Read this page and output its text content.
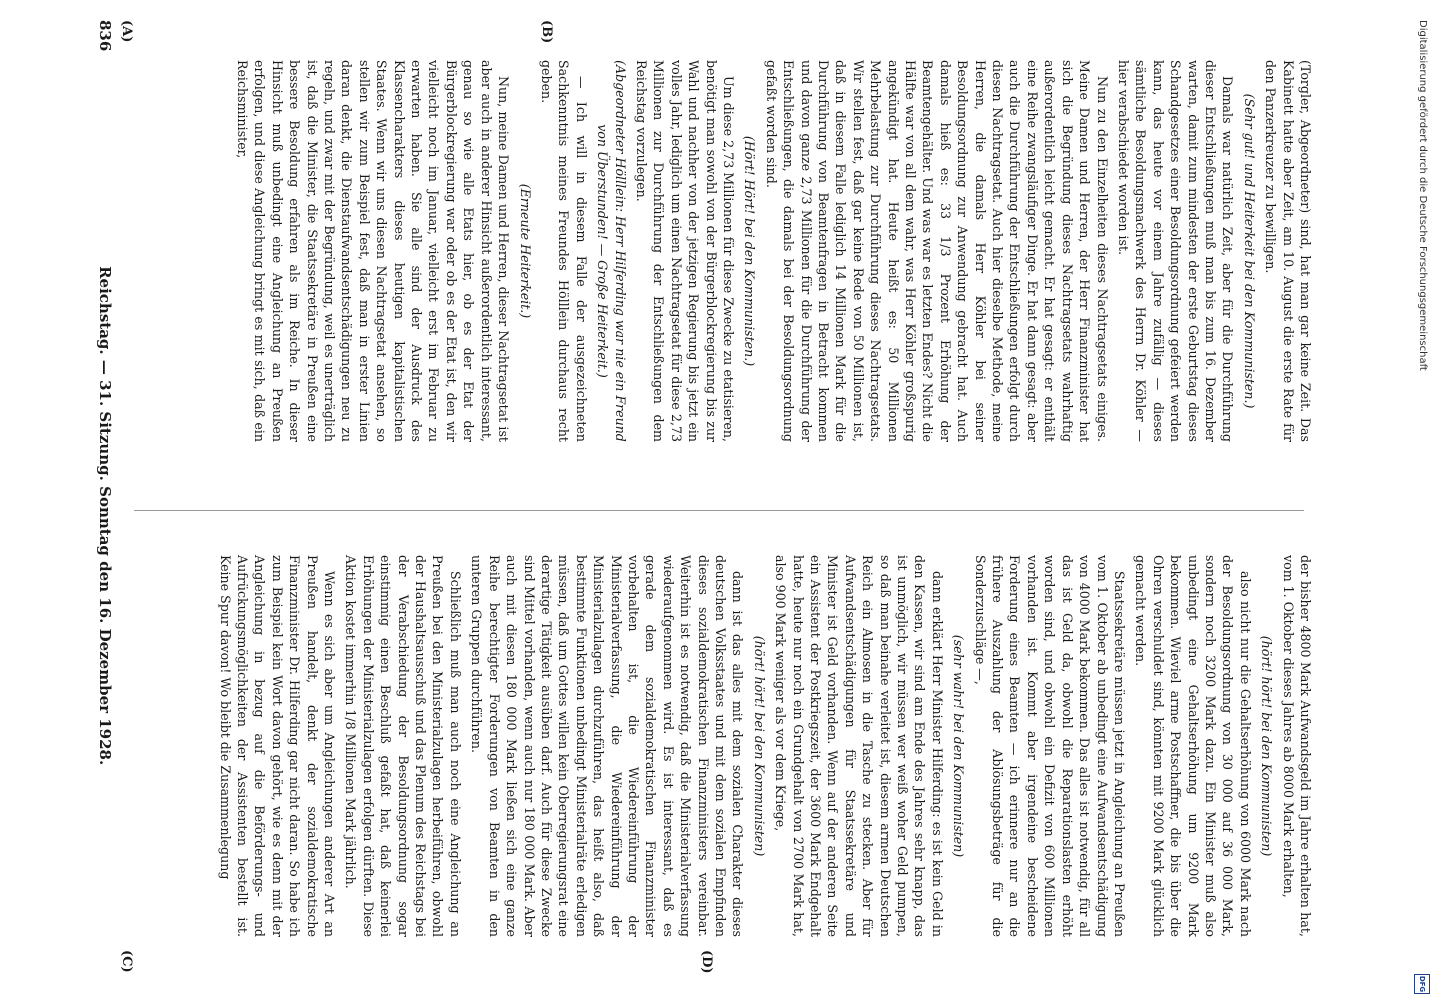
836
Reichstag. — 31. Sitzung. Sonntag den 16. Dezember 1928.
(A)	(B)
(C)	(D)

(Torgler, Abgeordneter) sind, hat man gar keine Zeit. Das Kabinett hatte aber Zeit, am 10. August die erste Rate für den Panzerkreuzer zu bewilligen.

(Sehr gut! und Heiterkeit bei den Kommunisten.)

Damals war natürlich Zeit, aber für die Durchführung dieser Entschließungen muß man bis zum 16. Dezember warten, damit zum mindesten der erste Geburtstag dieses Schandgesetzes einer Besoldungsordnung gefeiert werden kann, das heute vor einem Jahre zufällig — dieses sämtliche Besoldungsmachwerk des Herrn Dr. Köhler — hier verabschiedet worden ist.

Nun zu den Einzelheiten dieses Nachtragsetats einiges. Meine Damen und Herren, der Herr Finanzminister hat sich die Begründung dieses Nachtragsetats wahrhaftig außerordentlich leicht gemacht. Er hat gesagt: er enthält eine Reihe zwangsläufiger Dinge. Er hat dann gesagt: aber auch die Durchführung der Entschließungen erfolgt durch diesen Nachtragsetat. Auch hier dieselbe Methode, meine Herren, die damals Herr Köhler bei seiner Besoldungsordnung zur Anwendung gebracht hat. Auch damals hieß es: 33 1/3 Prozent Erhöhung der Beamtengehälter. Und was war es letzten Endes? Nicht die Hälfte war von all dem wahr, was Herr Köhler großspurig angekündigt hat. Heute heißt es: 50 Millionen Mehrbelastung zur Durchführung dieses Nachtragsetats. Wir stellen fest, daß gar keine Rede von 50 Millionen ist, daß in diesem Falle lediglich 14 Millionen Mark für die Durchführung von Beamtenfragen in Betracht kommen und davon ganze 2,73 Millionen für die Durchführung der Entschließungen, die damals bei der Besoldungsordnung gefaßt worden sind.

(Hört! Hört! bei den Kommunisten.)

Um diese 2,73 Millionen für diese Zwecke zu etatisieren, benötigt man sowohl von der Bürgerblockregierung bis zur Wahl und nachher von der jetzigen Regierung bis jetzt ein volles Jahr, lediglich um einen Nachtragsetat für diese 2,73 Millionen zur Durchführung der Entschließungen dem Reichstag vorzulegen.

(Abgeordneter Hölllein: Herr Hilferding war nie ein Freund von Überstunden! — Große Heiterkeit.)

— Ich will in diesem Falle der ausgezeichneten Sachkenntnis meines Freundes Hölllein durchaus recht geben.

(Erneute Heiterkeit.)

Nun, meine Damen und Herren, dieser Nachtragsetat ist aber auch in anderer Hinsicht außerordentlich interessant, genau so wie alle Etats hier, ob es der Etat der Bürgerblockregierung war oder ob es der Etat ist, den wir vielleicht noch im Januar, vielleicht erst im Februar zu erwarten haben. Sie alle sind der Ausdruck des Klassencharakters dieses heutigen kapitalistischen Staates. Wenn wir uns diesen Nachtragsetat ansehen, so stellen wir zum Beispiel fest, daß man in erster Linien daran denkt, die Dienstaufwandsentschädigungen neu zu regeln, und zwar mit der Begründung, weil es unerträglich ist, daß die Minister, die Staatssekretäre in Preußen eine bessere Besoldung erfahren als im Reiche. In dieser Hinsicht muß unbedingt eine Angleichung an Preußen erfolgen, und diese Angleichung bringt es mit sich, daß ein Reichsminister,

der bisher 4800 Mark Aufwandsgeld im Jahre erhalten hat, vom 1. Oktober dieses Jahres ab 8000 Mark erhalten,

(hört! hört! bei den Kommunisten)

also nicht nur die Gehaltserhöhung von 6000 Mark nach der Besoldungsordnung von 30 000 auf 36 000 Mark, sondern noch 3200 Mark dazu. Ein Minister muß also unbedingt eine Gehaltserhöhung um 9200 Mark bekommen. Wieviel arme Postschaffner, die bis über die Ohren verschuldet sind, könnten mit 9200 Mark glücklich gemacht werden.

Staatssekretäre müssen jetzt in Angleichung an Preußen vom 1. Oktober ab unbedingt eine Aufwandsentschädigung von 4000 Mark bekommen. Das alles ist notwendig, für all das ist Geld da, obwohl die Reparationslasten erhöht worden sind, und obwohl ein Defizit von 600 Millionen vorhanden ist. Kommt aber irgendeine bescheidene Forderung eines Beamten — ich erinnere nur an die frühere Auszahlung der Ablösungsbeträge für die Sonderzuschläge —,

(sehr wahr! bei den Kommunisten)

dann erklärt Herr Minister Hilferding: es ist kein Geld in den Kassen, wir sind am Ende des Jahres sehr knapp, das ist unmöglich, wir müssen wer weiß woher Geld pumpen, so daß man beinahe verleitet ist, diesem armen Deutschen Reich ein Almosen in die Tasche zu stecken. Aber für Aufwandsentschädigungen für Staatssekretäre und Minister ist Geld vorhanden. Wenn auf der anderen Seite ein Assistent der Postkriegszeit, der 3600 Mark Endgehalt hatte, heute nur noch ein Grundgehalt von 2700 Mark hat, also 900 Mark weniger als vor dem Kriege,

(hört! hört! bei den Kommunisten)

dann ist das alles mit dem sozialen Charakter dieses deutschen Volksstaates und mit dem sozialen Empfinden dieses sozialdemokratischen Finanzministers vereinbar. Weiterhin ist es notwendig, daß die Ministerialverfassung wiederaufgenommen wird. Es ist interessant, daß es gerade dem sozialdemokratischen Finanzminister vorbehalten ist, die Wiedereinführung der Ministerialverfassung, die Wiedereinführung der Ministerialzulagen durchzuführen, das heißt also, daß bestimmte Funktionen unbedingt Ministerialräte erledigen müssen, daß um Gottes willen kein Oberregierungsrat eine derartige Tätigkeit ausüben darf. Auch für diese Zwecke sind Mittel vorhanden, wenn auch nur 180 000 Mark. Aber auch mit diesen 180 000 Mark ließen sich eine ganze Reihe berechtigter Forderungen von Beamten in den unteren Gruppen durchführen.

Schließlich muß man auch noch eine Angleichung an Preußen bei den Ministerialzulagen herbeiführen, obwohl der Haushaltsausschuß und das Plenum des Reichstags bei der Verabschiedung der Besoldungsordnung sogar einstimmig einen Beschluß gefaßt hat, daß keinerlei Erhöhungen der Ministerialzulagen erfolgen dürften. Diese Aktion kostet immerhin 1/8 Millionen Mark jährlich.

Wenn es sich aber um Angleichungen anderer Art an Preußen handelt, denkt der sozialdemokratische Finanzminister Dr. Hilferding gar nicht daran. So habe ich zum Beispiel kein Wort davon gehört, wie es denn mit der Angleichung in bezug auf die Beförderungs- und Aufrückungsmöglichkeiten der Assistenten bestellt ist. Keine Spur davon! Wo bleibt die Zusammenlegung

Digitalisierung gefördert durch die Deutsche Forschungsgemeinschaft
DFG
